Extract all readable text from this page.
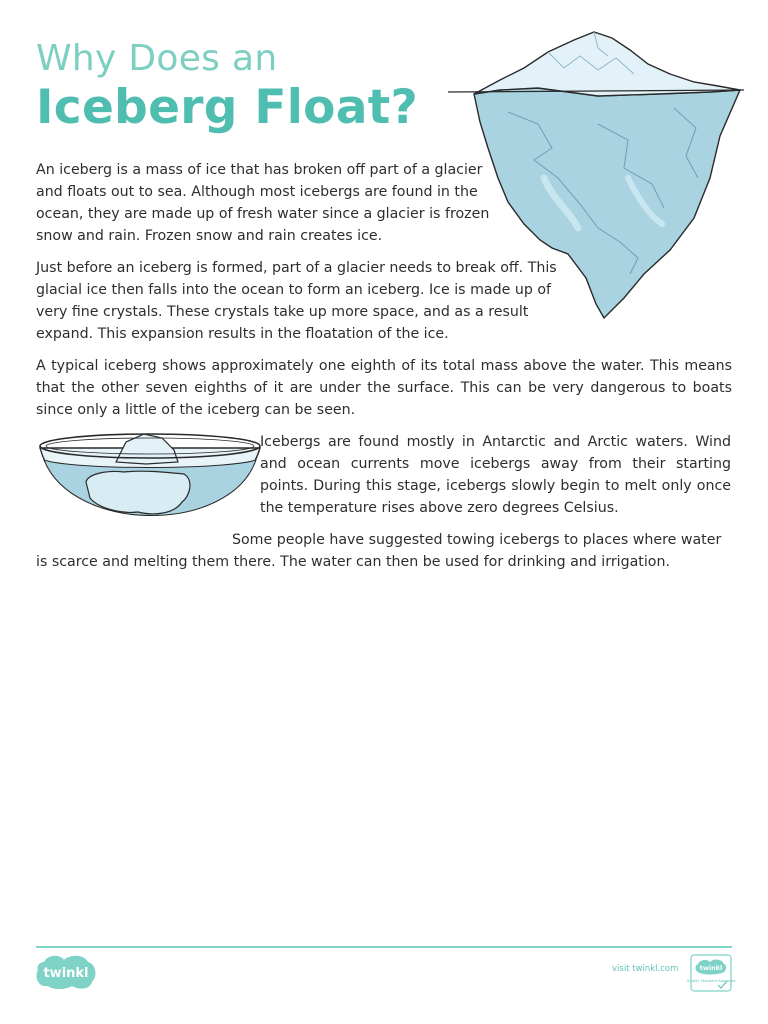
Why Does an
Iceberg Float?

An iceberg is a mass of ice that has broken off part of a glacier and floats out to sea. Although most icebergs are found in the ocean, they are made up of fresh water since a glacier is frozen snow and rain. Frozen snow and rain creates ice.

Just before an iceberg is formed, part of a glacier needs to break off. This glacial ice then falls into the ocean to form an iceberg. Ice is made up of very fine crystals. These crystals take up more space, and as a result expand. This expansion results in the floatation of the ice.

A typical iceberg shows approximately one eighth of its total mass above the water. This means that the other seven eighths of it are under the surface. This can be very dangerous to boats since only a little of the iceberg can be seen.

Icebergs are found mostly in Antarctic and Arctic waters. Wind and ocean currents move icebergs away from their starting points. During this stage, icebergs slowly begin to melt only once the temperature rises above zero degrees Celsius.

Some people have suggested towing icebergs to places where water is scarce and melting them there. The water can then be used for drinking and irrigation.

twinkl	visit twinkl.com	twinkl
Quality Standard Approved
